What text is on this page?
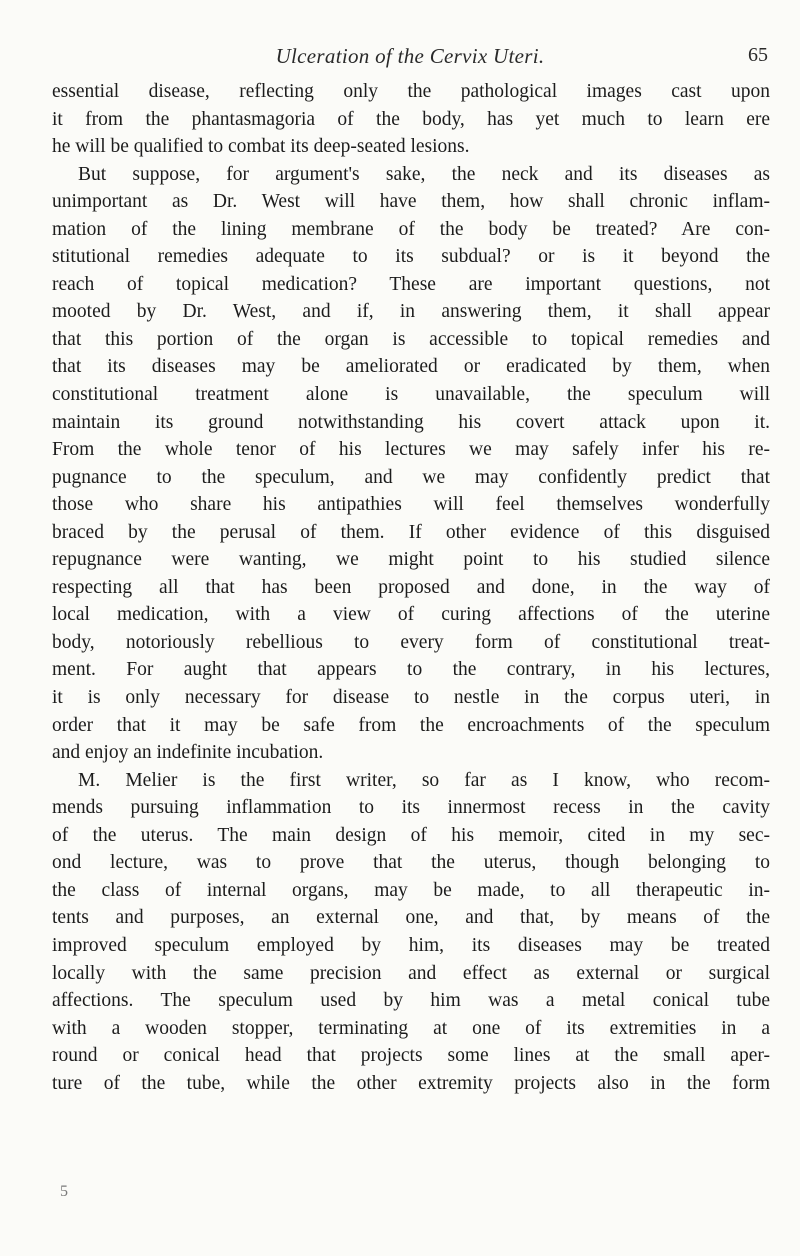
Ulceration of the Cervix Uteri.	65
essential disease, reflecting only the pathological images cast upon
it from the phantasmagoria of the body, has yet much to learn ere
he will be qualified to combat its deep-seated lesions.
But suppose, for argument's sake, the neck and its diseases as
unimportant as Dr. West will have them, how shall chronic inflam-
mation of the lining membrane of the body be treated? Are con-
stitutional remedies adequate to its subdual? or is it beyond the
reach of topical medication? These are important questions, not
mooted by Dr. West, and if, in answering them, it shall appear
that this portion of the organ is accessible to topical remedies and
that its diseases may be ameliorated or eradicated by them, when
constitutional treatment alone is unavailable, the speculum will
maintain its ground notwithstanding his covert attack upon it.
From the whole tenor of his lectures we may safely infer his re-
pugnance to the speculum, and we may confidently predict that
those who share his antipathies will feel themselves wonderfully
braced by the perusal of them. If other evidence of this disguised
repugnance were wanting, we might point to his studied silence
respecting all that has been proposed and done, in the way of
local medication, with a view of curing affections of the uterine
body, notoriously rebellious to every form of constitutional treat-
ment. For aught that appears to the contrary, in his lectures,
it is only necessary for disease to nestle in the corpus uteri, in
order that it may be safe from the encroachments of the speculum
and enjoy an indefinite incubation.
M. Melier is the first writer, so far as I know, who recom-
mends pursuing inflammation to its innermost recess in the cavity
of the uterus. The main design of his memoir, cited in my sec-
ond lecture, was to prove that the uterus, though belonging to
the class of internal organs, may be made, to all therapeutic in-
tents and purposes, an external one, and that, by means of the
improved speculum employed by him, its diseases may be treated
locally with the same precision and effect as external or surgical
affections. The speculum used by him was a metal conical tube
with a wooden stopper, terminating at one of its extremities in a
round or conical head that projects some lines at the small aper-
ture of the tube, while the other extremity projects also in the form
5
